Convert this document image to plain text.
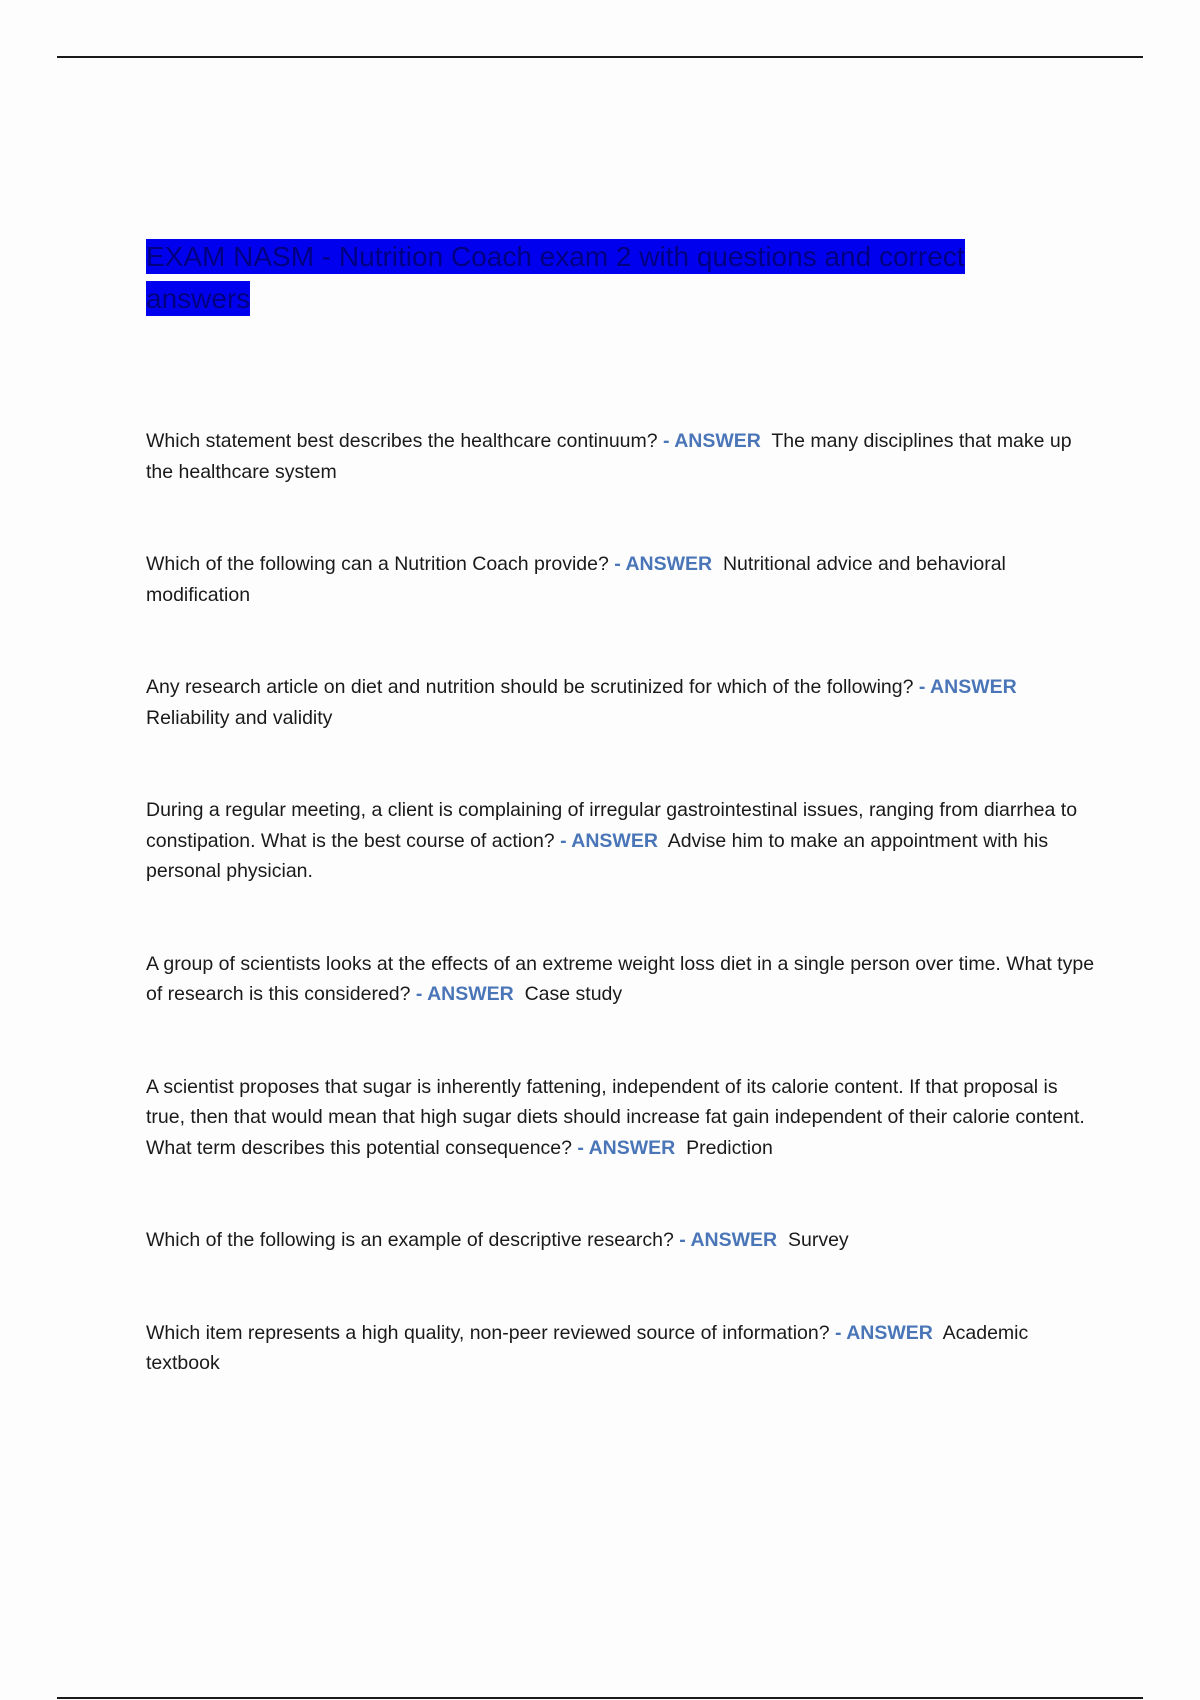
EXAM NASM - Nutrition Coach exam 2 with questions and correct answers

Which statement best describes the healthcare continuum? - ANSWER The many disciplines that make up the healthcare system

Which of the following can a Nutrition Coach provide? - ANSWER Nutritional advice and behavioral modification

Any research article on diet and nutrition should be scrutinized for which of the following? - ANSWER  Reliability and validity

During a regular meeting, a client is complaining of irregular gastrointestinal issues, ranging from diarrhea to constipation. What is the best course of action? - ANSWER Advise him to make an appointment with his personal physician.

A group of scientists looks at the effects of an extreme weight loss diet in a single person over time. What type of research is this considered? - ANSWER Case study

A scientist proposes that sugar is inherently fattening, independent of its calorie content. If that proposal is true, then that would mean that high sugar diets should increase fat gain independent of their calorie content. What term describes this potential consequence? - ANSWER Prediction

Which of the following is an example of descriptive research? - ANSWER Survey

Which item represents a high quality, non-peer reviewed source of information? - ANSWER Academic textbook
